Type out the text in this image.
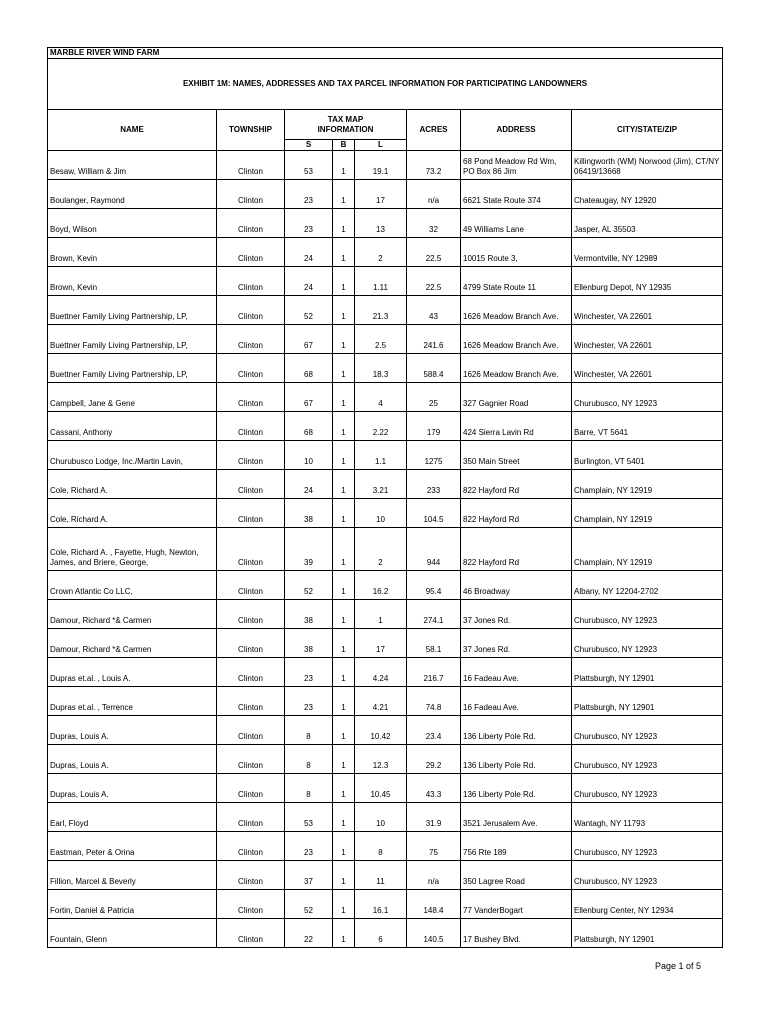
MARBLE RIVER WIND FARM							
EXHIBIT 1M: NAMES, ADDRESSES AND TAX PARCEL INFORMATION FOR PARTICIPATING LANDOWNERS							
NAME	TOWNSHIP	TAX MAP INFORMATION			ACRES	ADDRESS	CITY/STATE/ZIP
		S	B	L			
Besaw, William & Jim	Clinton	53	1	19.1	73.2	68 Pond Meadow Rd Wm, PO Box 86 Jim	Killingworth (WM) Norwood (Jim), CT/NY 06419/13668
Boulanger, Raymond	Clinton	23	1	17	n/a	6621 State Route 374	Chateaugay, NY 12920
Boyd, Wilson	Clinton	23	1	13	32	49 Williams Lane	Jasper, AL 35503
Brown, Kevin	Clinton	24	1	2	22.5	10015 Route 3,	Vermontville, NY 12989
Brown, Kevin	Clinton	24	1	1.11	22.5	4799 State Route 11	Ellenburg Depot, NY 12935
Buettner Family Living Partnership, LP,	Clinton	52	1	21.3	43	1626 Meadow Branch Ave.	Winchester, VA 22601
Buettner Family Living Partnership, LP,	Clinton	67	1	2.5	241.6	1626 Meadow Branch Ave.	Winchester, VA 22601
Buettner Family Living Partnership, LP,	Clinton	68	1	18.3	588.4	1626 Meadow Branch Ave.	Winchester, VA 22601
Campbell, Jane & Gene	Clinton	67	1	4	25	327 Gagnier Road	Churubusco, NY 12923
Cassani, Anthony	Clinton	68	1	2.22	179	424 Sierra Lavin Rd	Barre, VT 5641
Churubusco Lodge, Inc./Martin Lavin,	Clinton	10	1	1.1	1275	350 Main Street	Burlington, VT 5401
Cole, Richard A.	Clinton	24	1	3.21	233	822 Hayford Rd	Champlain, NY 12919
Cole, Richard A.	Clinton	38	1	10	104.5	822 Hayford Rd	Champlain, NY 12919
Cole, Richard A. , Fayette, Hugh, Newton, James, and Briere, George,	Clinton	39	1	2	944	822 Hayford Rd	Champlain, NY 12919
Crown Atlantic Co LLC,	Clinton	52	1	16.2	95.4	46 Broadway	Albany, NY 12204-2702
Damour, Richard *& Carmen	Clinton	38	1	1	274.1	37 Jones Rd.	Churubusco, NY 12923
Damour, Richard *& Carmen	Clinton	38	1	17	58.1	37 Jones Rd.	Churubusco, NY 12923
Dupras et.al. , Louis A.	Clinton	23	1	4.24	216.7	16 Fadeau Ave.	Plattsburgh, NY 12901
Dupras et.al. , Terrence	Clinton	23	1	4.21	74.8	16 Fadeau Ave.	Plattsburgh, NY 12901
Dupras, Louis A.	Clinton	8	1	10.42	23.4	136 Liberty Pole Rd.	Churubusco, NY 12923
Dupras, Louis A.	Clinton	8	1	12.3	29.2	136 Liberty Pole Rd.	Churubusco, NY 12923
Dupras, Louis A.	Clinton	8	1	10.45	43.3	136 Liberty Pole Rd.	Churubusco, NY 12923
Earl, Floyd	Clinton	53	1	10	31.9	3521 Jerusalem Ave.	Wantagh, NY 11793
Eastman, Peter & Orina	Clinton	23	1	8	75	756 Rte 189	Churubusco, NY 12923
Fillion, Marcel & Beverly	Clinton	37	1	11	n/a	350 Lagree Road	Churubusco, NY 12923
Fortin, Daniel & Patricia	Clinton	52	1	16.1	148.4	77 VanderBogart	Ellenburg Center, NY 12934
Fountain, Glenn	Clinton	22	1	6	140.5	17 Bushey Blvd.	Plattsburgh, NY 12901
Page 1 of 5
